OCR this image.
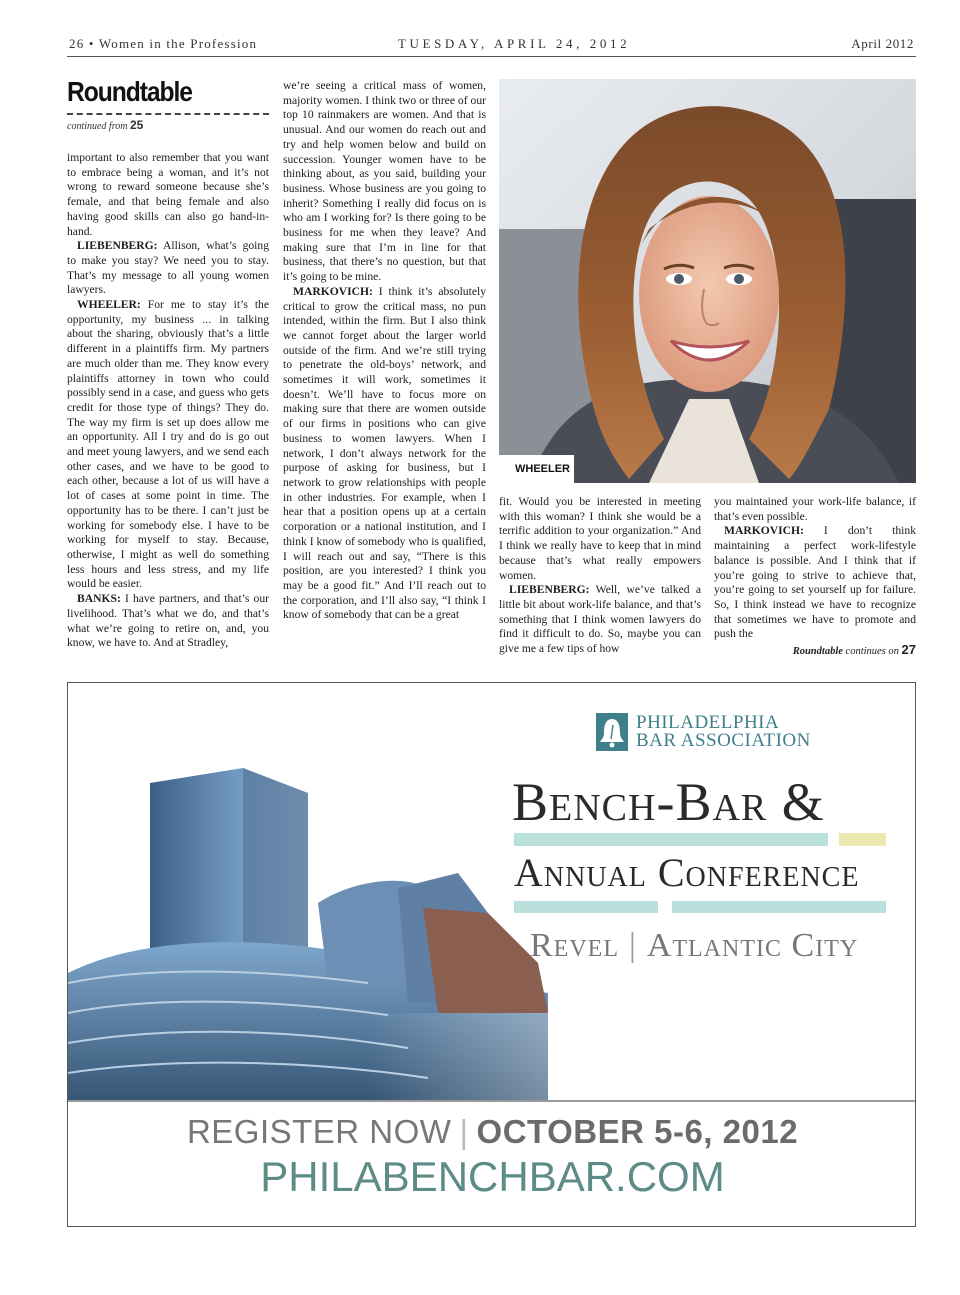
26 • Women in the Profession	TUESDAY, APRIL 24, 2012	April 2012
Roundtable
continued from 25

important to also remember that you want to embrace being a woman, and it’s not wrong to reward someone because she’s female, and that being female and also having good skills can also go hand-in-hand.

LIEBENBERG: Allison, what’s going to make you stay? We need you to stay. That’s my message to all young women lawyers.

WHEELER: For me to stay it’s the opportunity, my business ... in talking about the sharing, obviously that’s a little different in a plaintiffs firm. My partners are much older than me. They know every plaintiffs attorney in town who could possibly send in a case, and guess who gets credit for those type of things? They do. The way my firm is set up does allow me an opportunity. All I try and do is go out and meet young lawyers, and we send each other cases, and we have to be good to each other, because a lot of us will have a lot of cases at some point in time. The opportunity has to be there. I can’t just be working for somebody else. I have to be working for myself to stay. Because, otherwise, I might as well do something less hours and less stress, and my life would be easier.

BANKS: I have partners, and that’s our livelihood. That’s what we do, and that’s what we’re going to retire on, and, you know, we have to. And at Stradley,

we’re seeing a critical mass of women, majority women. I think two or three of our top 10 rainmakers are women. And that is unusual. And our women do reach out and try and help women below and build on succession. Younger women have to be thinking about, as you said, building your business. Whose business are you going to inherit? Something I really did focus on is who am I working for? Is there going to be business for me when they leave? And making sure that I’m in line for that business, that there’s no question, but that it’s going to be mine.

MARKOVICH: I think it’s absolutely critical to grow the critical mass, no pun intended, within the firm. But I also think we cannot forget about the larger world outside of the firm. And we’re still trying to penetrate the old-boys’ network, and sometimes it will work, sometimes it doesn’t. We’ll have to focus more on making sure that there are women outside of our firms in positions who can give business to women lawyers. When I network, I don’t always network for the purpose of asking for business, but I network to grow relationships with people in other industries. For example, when I hear that a position opens up at a certain corporation or a national institution, and I think I know of somebody who is qualified, I will reach out and say, “There is this position, are you interested? I think you may be a good fit.” And I’ll reach out to the corporation, and I’ll also say, “I think I know of somebody that can be a great

WHEELER

fit. Would you be interested in meeting with this woman? I think she would be a terrific addition to your organization.” And I think we really have to keep that in mind because that’s what really empowers women.

LIEBENBERG: Well, we’ve talked a little bit about work-life balance, and that’s something that I think women lawyers do find it difficult to do. So, maybe you can give me a few tips of how

you maintained your work-life balance, if that’s even possible.

MARKOVICH: I don’t think maintaining a perfect work-lifestyle balance is possible. And I think that if you’re going to strive to achieve that, you’re going to set yourself up for failure. So, I think instead we have to recognize that sometimes we have to promote and push the

Roundtable continues on 27
PHILADELPHIA
BAR ASSOCIATION
Bench-Bar &
Annual Conference
Revel | Atlantic City
REGISTER NOW | OCTOBER 5-6, 2012
PHILABENCHBAR.COM
